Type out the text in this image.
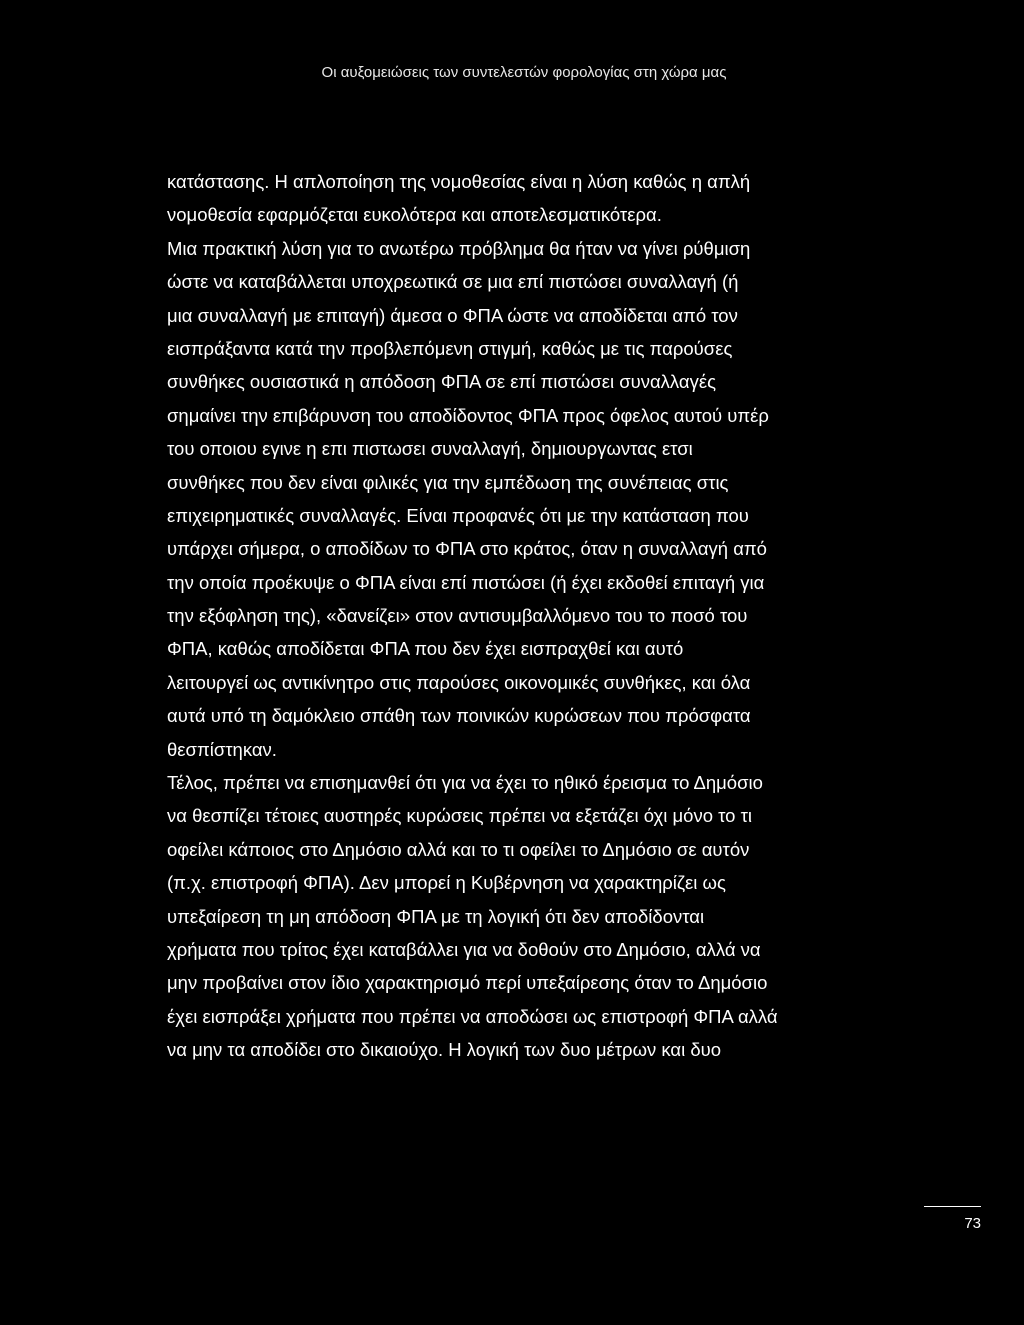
Οι αυξομειώσεις των συντελεστών φορολογίας στη χώρα μας
κατάστασης. Η απλοποίηση της νομοθεσίας είναι η λύση καθώς η απλή
νομοθεσία εφαρμόζεται ευκολότερα και αποτελεσματικότερα.
Μια πρακτική λύση για το ανωτέρω πρόβλημα θα ήταν να γίνει ρύθμιση
ώστε να καταβάλλεται υποχρεωτικά σε μια επί πιστώσει συναλλαγή (ή
μια συναλλαγή με επιταγή) άμεσα ο ΦΠΑ ώστε να αποδίδεται από τον
εισπράξαντα κατά την προβλεπόμενη στιγμή, καθώς με τις παρούσες
συνθήκες ουσιαστικά η απόδοση ΦΠΑ σε επί πιστώσει συναλλαγές
σημαίνει την επιβάρυνση του αποδίδοντος ΦΠΑ προς όφελος αυτού υπέρ
του οποιου εγινε η επι πιστωσει συναλλαγή, δημιουργωντας ετσι
συνθήκες που δεν είναι φιλικές για την εμπέδωση της συνέπειας στις
επιχειρηματικές συναλλαγές. Είναι προφανές ότι με την κατάσταση που
υπάρχει σήμερα, ο αποδίδων το ΦΠΑ στο κράτος, όταν η συναλλαγή από
την οποία προέκυψε ο ΦΠΑ είναι επί πιστώσει (ή έχει εκδοθεί επιταγή για
την εξόφληση της), «δανείζει» στον αντισυμβαλλόμενο του το ποσό του
ΦΠΑ, καθώς αποδίδεται ΦΠΑ που δεν έχει εισπραχθεί και αυτό
λειτουργεί ως αντικίνητρο στις παρούσες οικονομικές συνθήκες, και όλα
αυτά υπό τη δαμόκλειο σπάθη των ποινικών κυρώσεων που πρόσφατα
θεσπίστηκαν.
Τέλος, πρέπει να επισημανθεί ότι για να έχει το ηθικό έρεισμα το Δημόσιο
να θεσπίζει τέτοιες αυστηρές κυρώσεις πρέπει να εξετάζει όχι μόνο το τι
οφείλει κάποιος στο Δημόσιο αλλά και το τι οφείλει το Δημόσιο σε αυτόν
(π.χ. επιστροφή ΦΠΑ). Δεν μπορεί η Κυβέρνηση να χαρακτηρίζει ως
υπεξαίρεση τη μη απόδοση ΦΠΑ με τη λογική ότι δεν αποδίδονται
χρήματα που τρίτος έχει καταβάλλει για να δοθούν στο Δημόσιο, αλλά να
μην προβαίνει στον ίδιο χαρακτηρισμό περί υπεξαίρεσης όταν το Δημόσιο
έχει εισπράξει χρήματα που πρέπει να αποδώσει ως επιστροφή ΦΠΑ αλλά
να μην τα αποδίδει στο δικαιούχο. Η λογική των δυο μέτρων και δυο
73
